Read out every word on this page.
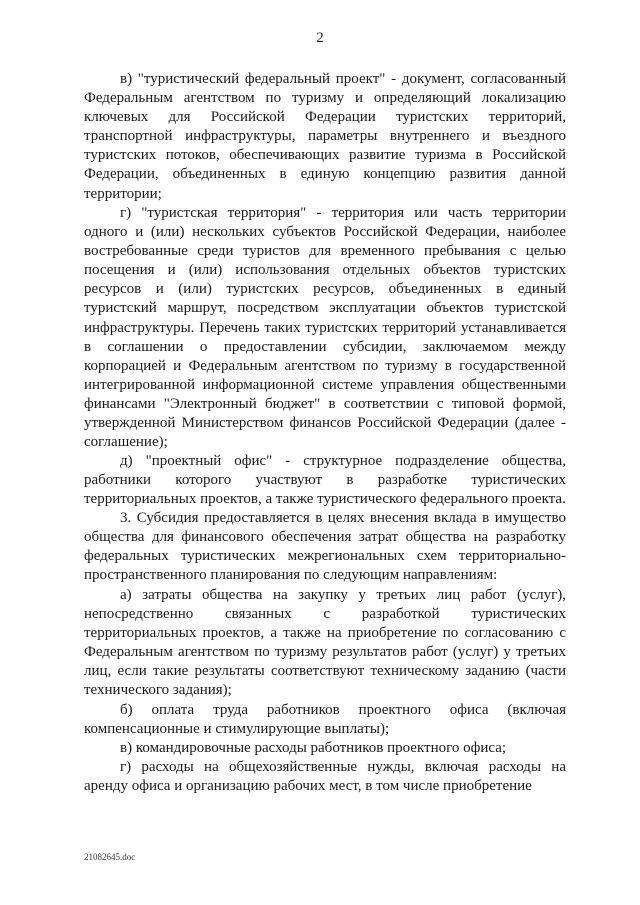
2

в) "туристический федеральный проект" - документ, согласованный Федеральным агентством по туризму и определяющий локализацию ключевых для Российской Федерации туристских территорий, транспортной инфраструктуры, параметры внутреннего и въездного туристских потоков, обеспечивающих развитие туризма в Российской Федерации, объединенных в единую концепцию развития данной территории;

г) "туристская территория" - территория или часть территории одного и (или) нескольких субъектов Российской Федерации, наиболее востребованные среди туристов для временного пребывания с целью посещения и (или) использования отдельных объектов туристских ресурсов и (или) туристских ресурсов, объединенных в единый туристский маршрут, посредством эксплуатации объектов туристской инфраструктуры. Перечень таких туристских территорий устанавливается в соглашении о предоставлении субсидии, заключаемом между корпорацией и Федеральным агентством по туризму в государственной интегрированной информационной системе управления общественными финансами "Электронный бюджет" в соответствии с типовой формой, утвержденной Министерством финансов Российской Федерации (далее - соглашение);

д) "проектный офис" - структурное подразделение общества, работники которого участвуют в разработке туристических территориальных проектов, а также туристического федерального проекта.

3. Субсидия предоставляется в целях внесения вклада в имущество общества для финансового обеспечения затрат общества на разработку федеральных туристических межрегиональных схем территориально-пространственного планирования по следующим направлениям:

а) затраты общества на закупку у третьих лиц работ (услуг), непосредственно связанных с разработкой туристических территориальных проектов, а также на приобретение по согласованию с Федеральным агентством по туризму результатов работ (услуг) у третьих лиц, если такие результаты соответствуют техническому заданию (части технического задания);

б) оплата труда работников проектного офиса (включая компенсационные и стимулирующие выплаты);

в) командировочные расходы работников проектного офиса;

г) расходы на общехозяйственные нужды, включая расходы на аренду офиса и организацию рабочих мест, в том числе приобретение

21082645.doc
